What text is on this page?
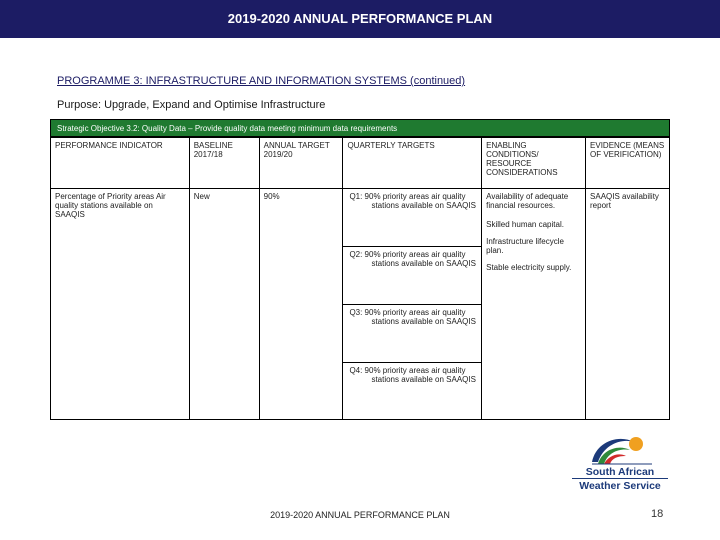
2019-2020 ANNUAL PERFORMANCE PLAN
PROGRAMME 3: INFRASTRUCTURE AND INFORMATION SYSTEMS (continued)
Purpose: Upgrade, Expand and Optimise Infrastructure
Strategic Objective 3.2: Quality Data – Provide quality data meeting minimum data requirements
PERFORMANCE INDICATOR	BASELINE 2017/18	ANNUAL TARGET 2019/20	QUARTERLY TARGETS	ENABLING CONDITIONS/ RESOURCE CONSIDERATIONS	EVIDENCE (MEANS OF VERIFICATION)
Percentage of Priority areas Air quality stations available on SAAQIS	New	90%	Q1: 90% priority areas air quality stations available on SAAQIS	Availability of adequate financial resources.
Skilled human capital.
Infrastructure lifecycle plan.
Stable electricity supply.	SAAQIS availability report

			Q2: 90% priority areas air quality stations available on SAAQIS		

			Q3: 90% priority areas air quality stations available on SAAQIS		

			Q4: 90% priority areas air quality stations available on SAAQIS		
South African
Weather Service
2019-2020 ANNUAL PERFORMANCE PLAN	18
